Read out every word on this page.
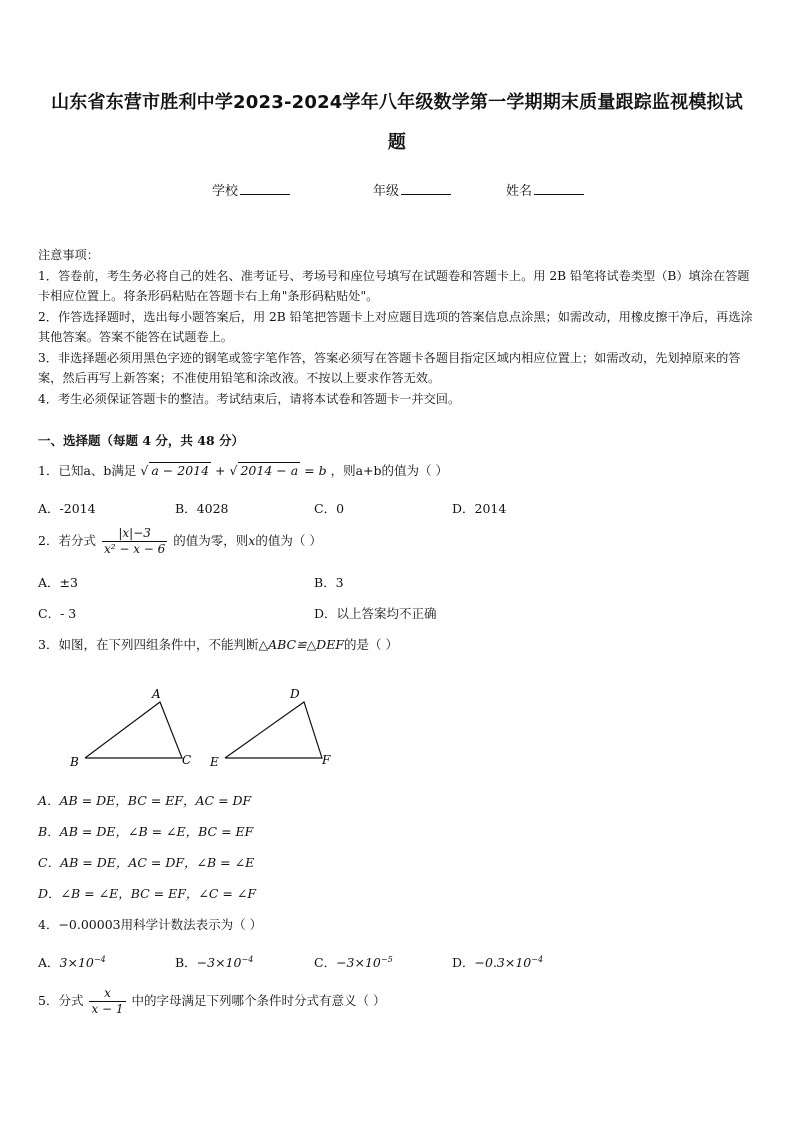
山东省东营市胜利中学2023-2024学年八年级数学第一学期期末质量跟踪监视模拟试
题
学校	年级	姓名
注意事项：
1．答卷前，考生务必将自己的姓名、准考证号、考场号和座位号填写在试题卷和答题卡上。用 2B 铅笔将试卷类型（B）填涂在答题卡相应位置上。将条形码粘贴在答题卡右上角"条形码粘贴处"。
2．作答选择题时，选出每小题答案后，用 2B 铅笔把答题卡上对应题目选项的答案信息点涂黑；如需改动，用橡皮擦干净后，再选涂其他答案。答案不能答在试题卷上。
3．非选择题必须用黑色字迹的钢笔或签字笔作答，答案必须写在答题卡各题目指定区域内相应位置上；如需改动，先划掉原来的答案，然后再写上新答案；不准使用铅笔和涂改液。不按以上要求作答无效。
4．考生必须保证答题卡的整洁。考试结束后，请将本试卷和答题卡一并交回。
一、选择题（每题 4 分，共 48 分）
1．已知a、b满足 √ a − 2014 + √ 2014 − a = b ，则a+b的值为（ ）
A．-2014	B．4028	C．0	D．2014
2．若分式 $\frac{|x|-3}{\text{x² − x − 6}}$ 的值为零，则x的值为（ ）
A．±3	B．3
C．- 3	D．以上答案均不正确
3．如图，在下列四组条件中，不能判断△ABC≌△DEF的是（ ）
A
B	C
D
E	F
A．AB = DE，BC = EF，AC = DF
B．AB = DE，∠B = ∠E，BC = EF
C．AB = DE，AC = DF，∠B = ∠E
D．∠B = ∠E，BC = EF，∠C = ∠F
4．−0.00003用科学计数法表示为（ ）
A．$3\times 10^{-4}$	B．$-3\times 10^{-4}$	C．$-3\times 10^{-5}$	D．$-0.3\times 10^{-4}$
5．分式 $\frac{x}{x - 1}$ 中的字母满足下列哪个条件时分式有意义（ ）
